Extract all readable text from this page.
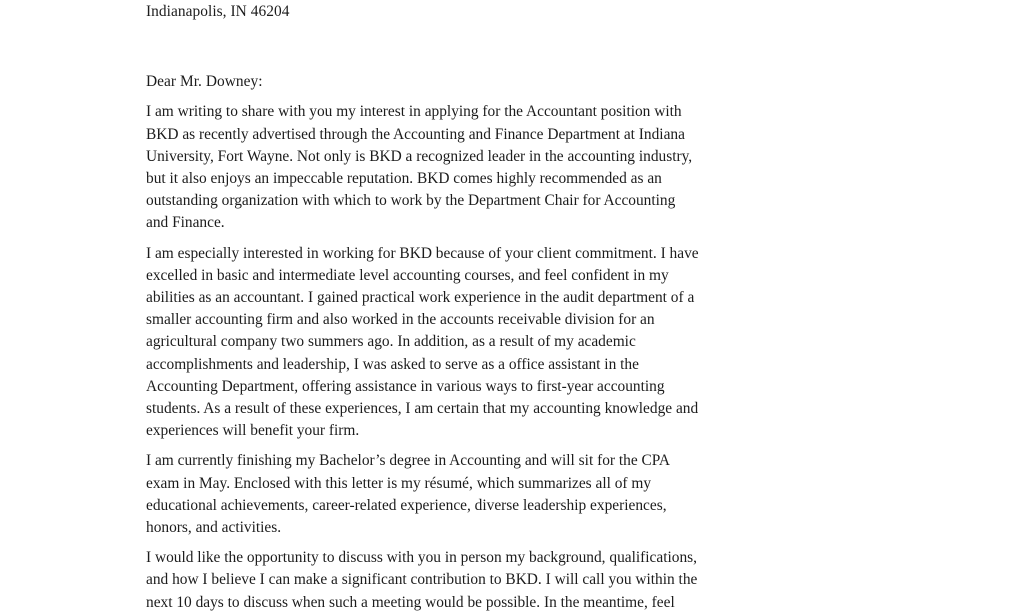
Indianapolis, IN 46204
Dear Mr. Downey:
I am writing to share with you my interest in applying for the Accountant position with
BKD as recently advertised through the Accounting and Finance Department at Indiana
University, Fort Wayne. Not only is BKD a recognized leader in the accounting industry,
but it also enjoys an impeccable reputation. BKD comes highly recommended as an
outstanding organization with which to work by the Department Chair for Accounting
and Finance.
I am especially interested in working for BKD because of your client commitment. I have
excelled in basic and intermediate level accounting courses, and feel confident in my
abilities as an accountant. I gained practical work experience in the audit department of a
smaller accounting firm and also worked in the accounts receivable division for an
agricultural company two summers ago. In addition, as a result of my academic
accomplishments and leadership, I was asked to serve as a office assistant in the
Accounting Department, offering assistance in various ways to first-year accounting
students. As a result of these experiences, I am certain that my accounting knowledge and
experiences will benefit your firm.
I am currently finishing my Bachelor’s degree in Accounting and will sit for the CPA
exam in May. Enclosed with this letter is my résumé, which summarizes all of my
educational achievements, career-related experience, diverse leadership experiences,
honors, and activities.
I would like the opportunity to discuss with you in person my background, qualifications,
and how I believe I can make a significant contribution to BKD. I will call you within the
next 10 days to discuss when such a meeting would be possible. In the meantime, feel
